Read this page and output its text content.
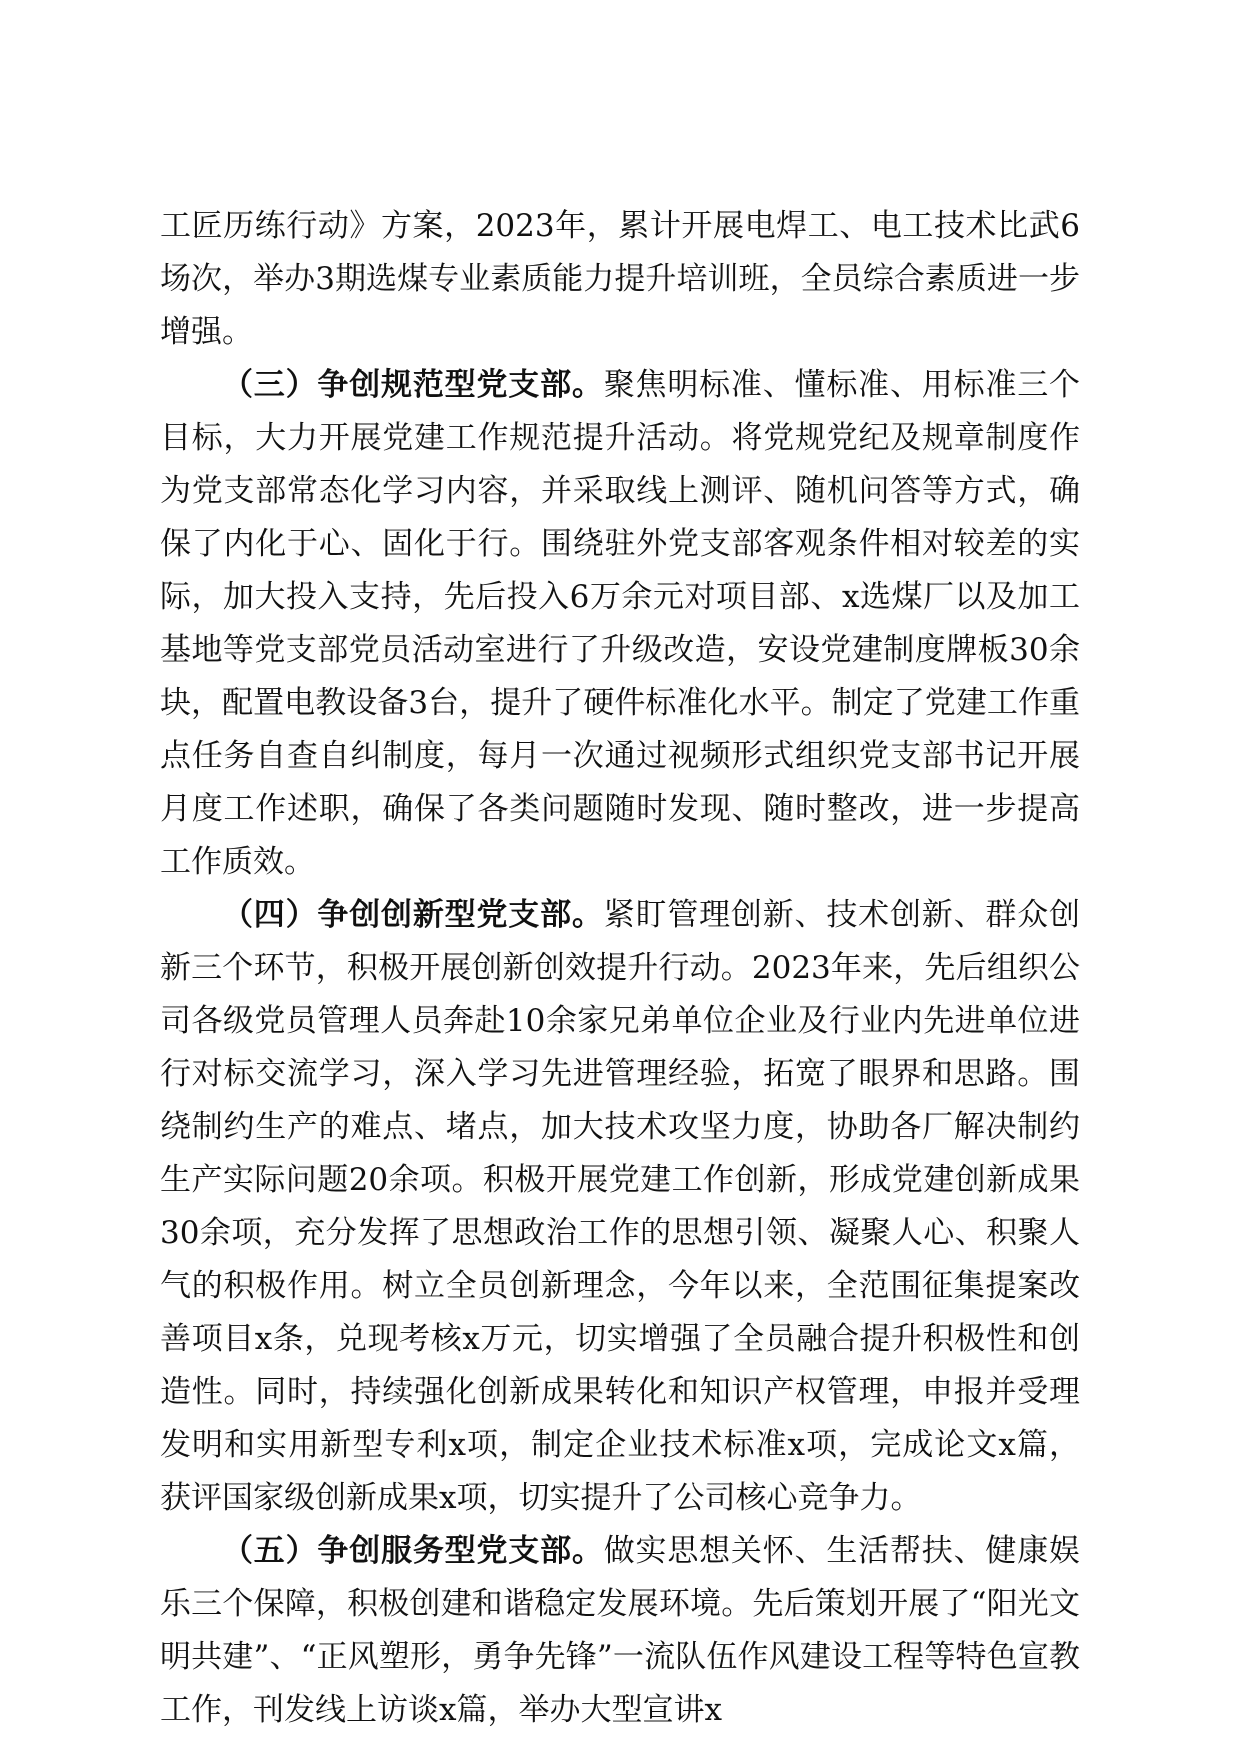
工匠历练行动》方案，2023年，累计开展电焊工、电工技术比武6场次，举办3期选煤专业素质能力提升培训班，全员综合素质进一步增强。

（三）争创规范型党支部。聚焦明标准、懂标准、用标准三个目标，大力开展党建工作规范提升活动。将党规党纪及规章制度作为党支部常态化学习内容，并采取线上测评、随机问答等方式，确保了内化于心、固化于行。围绕驻外党支部客观条件相对较差的实际，加大投入支持，先后投入6万余元对项目部、x选煤厂以及加工基地等党支部党员活动室进行了升级改造，安设党建制度牌板30余块，配置电教设备3台，提升了硬件标准化水平。制定了党建工作重点任务自查自纠制度，每月一次通过视频形式组织党支部书记开展月度工作述职，确保了各类问题随时发现、随时整改，进一步提高工作质效。

（四）争创创新型党支部。紧盯管理创新、技术创新、群众创新三个环节，积极开展创新创效提升行动。2023年来，先后组织公司各级党员管理人员奔赴10余家兄弟单位企业及行业内先进单位进行对标交流学习，深入学习先进管理经验，拓宽了眼界和思路。围绕制约生产的难点、堵点，加大技术攻坚力度，协助各厂解决制约生产实际问题20余项。积极开展党建工作创新，形成党建创新成果30余项，充分发挥了思想政治工作的思想引领、凝聚人心、积聚人气的积极作用。树立全员创新理念，今年以来，全范围征集提案改善项目x条，兑现考核x万元，切实增强了全员融合提升积极性和创造性。同时，持续强化创新成果转化和知识产权管理，申报并受理发明和实用新型专利x项，制定企业技术标准x项，完成论文x篇，获评国家级创新成果x项，切实提升了公司核心竞争力。

（五）争创服务型党支部。做实思想关怀、生活帮扶、健康娱乐三个保障，积极创建和谐稳定发展环境。先后策划开展了“阳光文明共建”、“正风塑形，勇争先锋”一流队伍作风建设工程等特色宣教工作，刊发线上访谈x篇，举办大型宣讲x
